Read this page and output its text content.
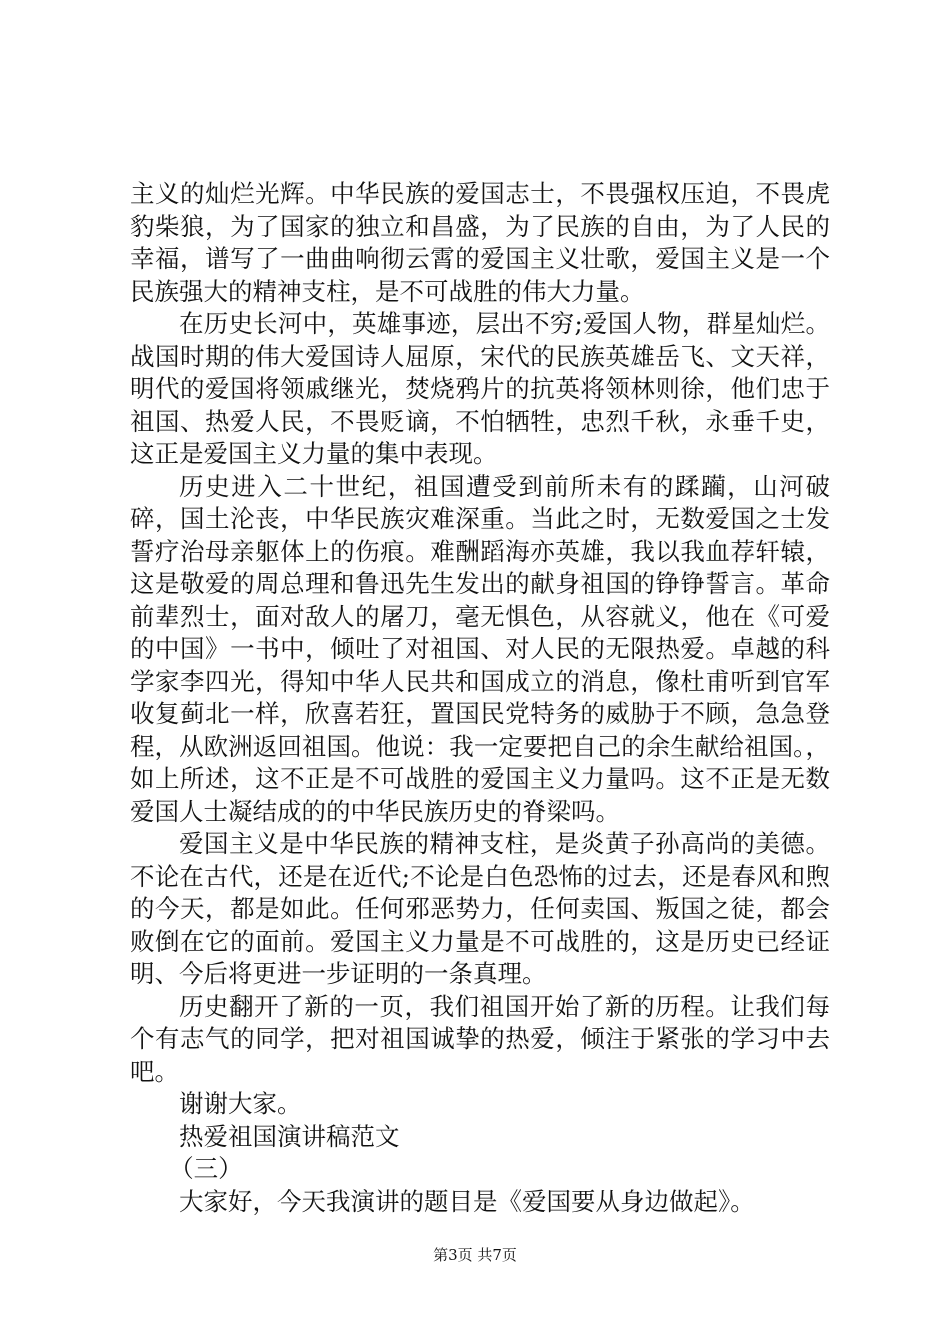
主义的灿烂光辉。中华民族的爱国志士，不畏强权压迫，不畏虎豹柴狼，为了国家的独立和昌盛，为了民族的自由，为了人民的幸福，谱写了一曲曲响彻云霄的爱国主义壮歌，爱国主义是一个民族强大的精神支柱，是不可战胜的伟大力量。

在历史长河中，英雄事迹，层出不穷;爱国人物，群星灿烂。战国时期的伟大爱国诗人屈原，宋代的民族英雄岳飞、文天祥，明代的爱国将领戚继光，焚烧鸦片的抗英将领林则徐，他们忠于祖国、热爱人民，不畏贬谪，不怕牺牲，忠烈千秋，永垂千史，这正是爱国主义力量的集中表现。

历史进入二十世纪，祖国遭受到前所未有的蹂躏，山河破碎，国土沦丧，中华民族灾难深重。当此之时，无数爱国之士发誓疗治母亲躯体上的伤痕。难酬蹈海亦英雄，我以我血荐轩辕，这是敬爱的周总理和鲁迅先生发出的献身祖国的铮铮誓言。革命前辈烈士，面对敌人的屠刀，毫无惧色，从容就义，他在《可爱的中国》一书中，倾吐了对祖国、对人民的无限热爱。卓越的科学家李四光，得知中华人民共和国成立的消息，像杜甫听到官军收复蓟北一样，欣喜若狂，置国民党特务的威胁于不顾，急急登程，从欧洲返回祖国。他说：我一定要把自己的余生献给祖国。，如上所述，这不正是不可战胜的爱国主义力量吗。这不正是无数爱国人士凝结成的的中华民族历史的脊梁吗。

爱国主义是中华民族的精神支柱，是炎黄子孙高尚的美德。不论在古代，还是在近代;不论是白色恐怖的过去，还是春风和煦的今天，都是如此。任何邪恶势力，任何卖国、叛国之徒，都会败倒在它的面前。爱国主义力量是不可战胜的，这是历史已经证明、今后将更进一步证明的一条真理。

历史翻开了新的一页，我们祖国开始了新的历程。让我们每个有志气的同学，把对祖国诚挚的热爱，倾注于紧张的学习中去吧。

谢谢大家。

热爱祖国演讲稿范文

（三）

大家好，今天我演讲的题目是《爱国要从身边做起》。

第3页 共7页
